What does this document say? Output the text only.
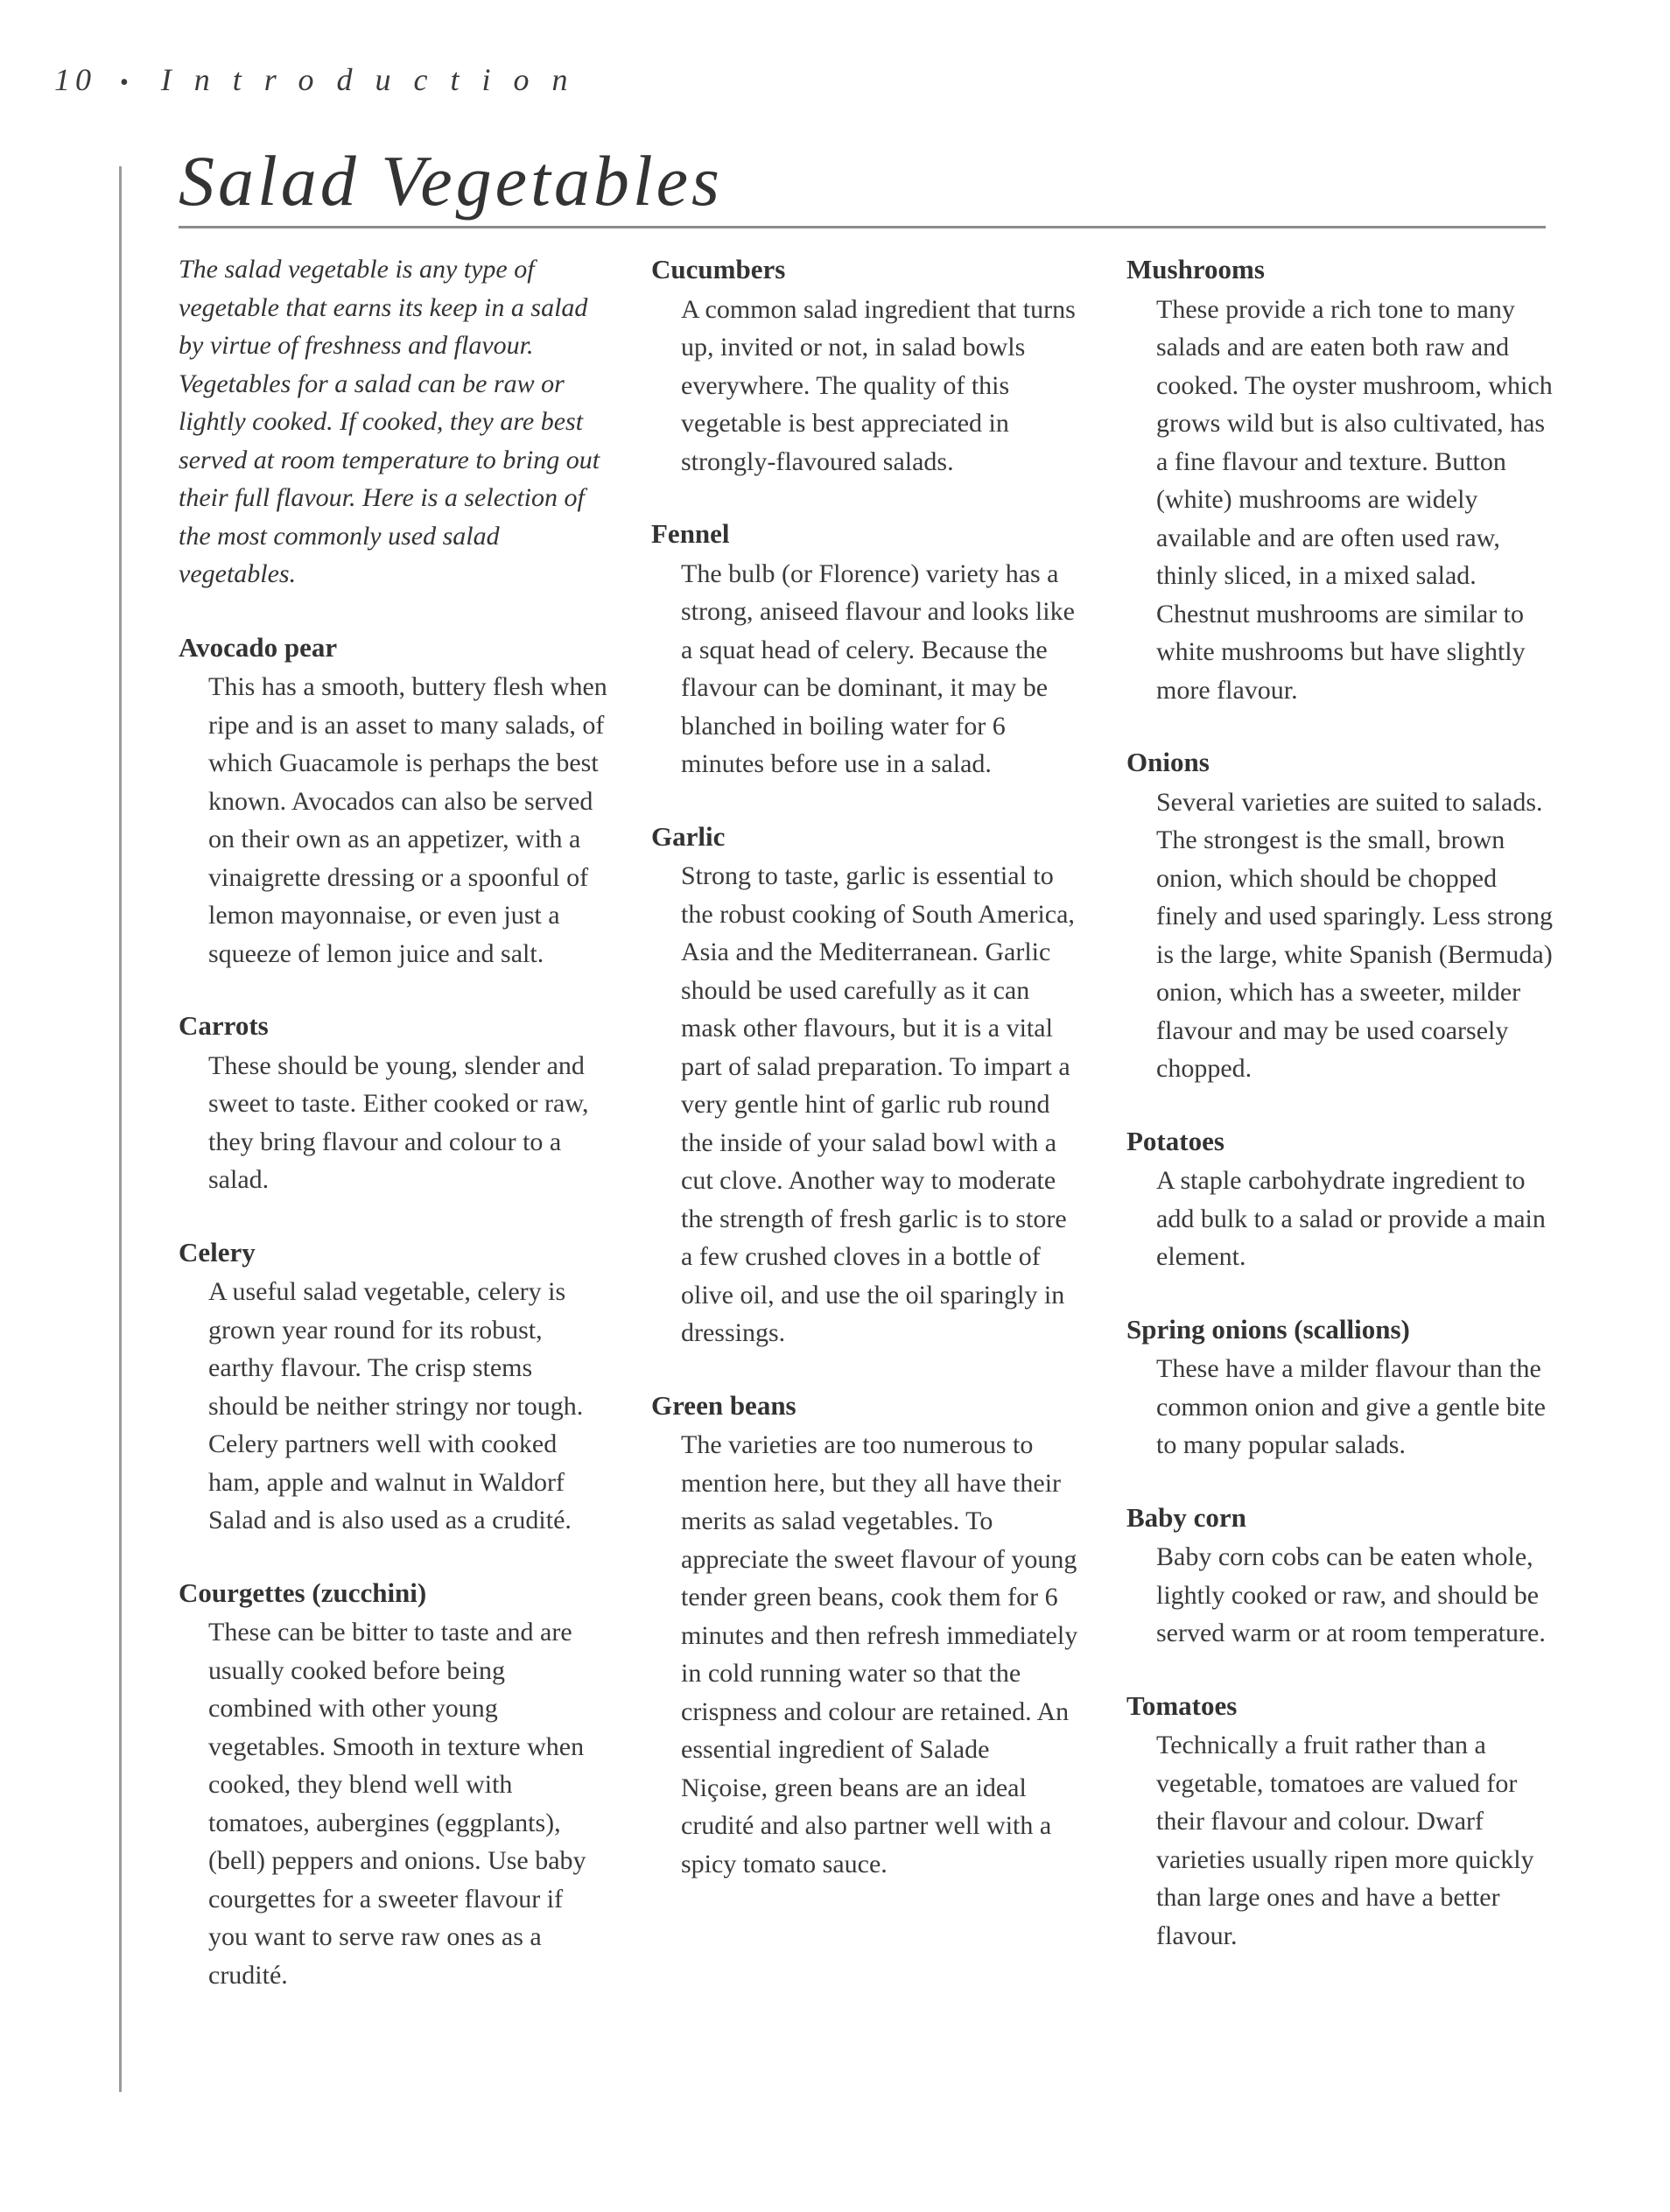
10 • Introduction
Salad Vegetables

The salad vegetable is any type of vegetable that earns its keep in a salad by virtue of freshness and flavour. Vegetables for a salad can be raw or lightly cooked. If cooked, they are best served at room temperature to bring out their full flavour. Here is a selection of the most commonly used salad vegetables.

Avocado pear

This has a smooth, buttery flesh when ripe and is an asset to many salads, of which Guacamole is perhaps the best known. Avocados can also be served on their own as an appetizer, with a vinaigrette dressing or a spoonful of lemon mayonnaise, or even just a squeeze of lemon juice and salt.

Carrots

These should be young, slender and sweet to taste. Either cooked or raw, they bring flavour and colour to a salad.

Celery

A useful salad vegetable, celery is grown year round for its robust, earthy flavour. The crisp stems should be neither stringy nor tough. Celery partners well with cooked ham, apple and walnut in Waldorf Salad and is also used as a crudité.

Courgettes (zucchini)

These can be bitter to taste and are usually cooked before being combined with other young vegetables. Smooth in texture when cooked, they blend well with tomatoes, aubergines (eggplants), (bell) peppers and onions. Use baby courgettes for a sweeter flavour if you want to serve raw ones as a crudité.

Cucumbers

A common salad ingredient that turns up, invited or not, in salad bowls everywhere. The quality of this vegetable is best appreciated in strongly-flavoured salads.

Fennel

The bulb (or Florence) variety has a strong, aniseed flavour and looks like a squat head of celery. Because the flavour can be dominant, it may be blanched in boiling water for 6 minutes before use in a salad.

Garlic

Strong to taste, garlic is essential to the robust cooking of South America, Asia and the Mediterranean. Garlic should be used carefully as it can mask other flavours, but it is a vital part of salad preparation. To impart a very gentle hint of garlic rub round the inside of your salad bowl with a cut clove. Another way to moderate the strength of fresh garlic is to store a few crushed cloves in a bottle of olive oil, and use the oil sparingly in dressings.

Green beans

The varieties are too numerous to mention here, but they all have their merits as salad vegetables. To appreciate the sweet flavour of young tender green beans, cook them for 6 minutes and then refresh immediately in cold running water so that the crispness and colour are retained. An essential ingredient of Salade Niçoise, green beans are an ideal crudité and also partner well with a spicy tomato sauce.

Mushrooms

These provide a rich tone to many salads and are eaten both raw and cooked. The oyster mushroom, which grows wild but is also cultivated, has a fine flavour and texture. Button (white) mushrooms are widely available and are often used raw, thinly sliced, in a mixed salad. Chestnut mushrooms are similar to white mushrooms but have slightly more flavour.

Onions

Several varieties are suited to salads. The strongest is the small, brown onion, which should be chopped finely and used sparingly. Less strong is the large, white Spanish (Bermuda) onion, which has a sweeter, milder flavour and may be used coarsely chopped.

Potatoes

A staple carbohydrate ingredient to add bulk to a salad or provide a main element.

Spring onions (scallions)

These have a milder flavour than the common onion and give a gentle bite to many popular salads.

Baby corn

Baby corn cobs can be eaten whole, lightly cooked or raw, and should be served warm or at room temperature.

Tomatoes

Technically a fruit rather than a vegetable, tomatoes are valued for their flavour and colour. Dwarf varieties usually ripen more quickly than large ones and have a better flavour.
